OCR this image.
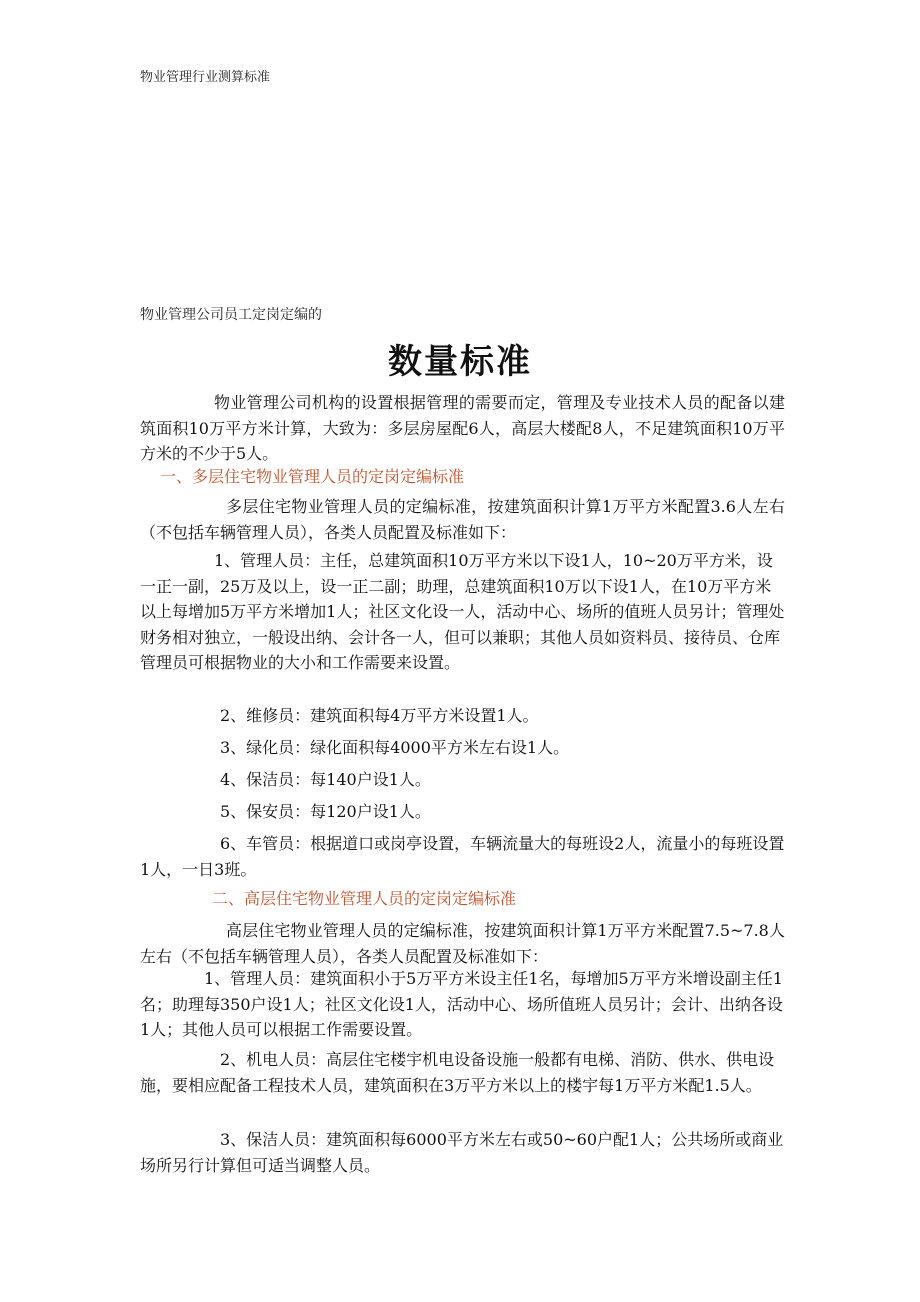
物业管理行业测算标准
物业管理公司员工定岗定编的
数量标准
物业管理公司机构的设置根据管理的需要而定，管理及专业技术人员的配备以建筑面积10万平方米计算，大致为：多层房屋配6人，高层大楼配8人，不足建筑面积10万平方米的不少于5人。
一、多层住宅物业管理人员的定岗定编标准
多层住宅物业管理人员的定编标准，按建筑面积计算1万平方米配置3.6人左右（不包括车辆管理人员），各类人员配置及标准如下：
1、管理人员：主任，总建筑面积10万平方米以下设1人，10~20万平方米，设一正一副，25万及以上，设一正二副；助理，总建筑面积10万以下设1人，在10万平方米以上每增加5万平方米增加1人；社区文化设一人，活动中心、场所的值班人员另计；管理处财务相对独立，一般设出纳、会计各一人，但可以兼职；其他人员如资料员、接待员、仓库管理员可根据物业的大小和工作需要来设置。
2、维修员：建筑面积每4万平方米设置1人。
3、绿化员：绿化面积每4000平方米左右设1人。
4、保洁员：每140户设1人。
5、保安员：每120户设1人。
6、车管员：根据道口或岗亭设置，车辆流量大的每班设2人，流量小的每班设置1人，一日3班。
二、高层住宅物业管理人员的定岗定编标准
高层住宅物业管理人员的定编标准，按建筑面积计算1万平方米配置7.5~7.8人左右（不包括车辆管理人员），各类人员配置及标准如下：
1、管理人员：建筑面积小于5万平方米设主任1名，每增加5万平方米增设副主任1名；助理每350户设1人；社区文化设1人，活动中心、场所值班人员另计；会计、出纳各设1人；其他人员可以根据工作需要设置。
2、机电人员：高层住宅楼宇机电设备设施一般都有电梯、消防、供水、供电设施，要相应配备工程技术人员，建筑面积在3万平方米以上的楼宇每1万平方米配1.5人。
3、保洁人员：建筑面积每6000平方米左右或50~60户配1人；公共场所或商业场所另行计算但可适当调整人员。
